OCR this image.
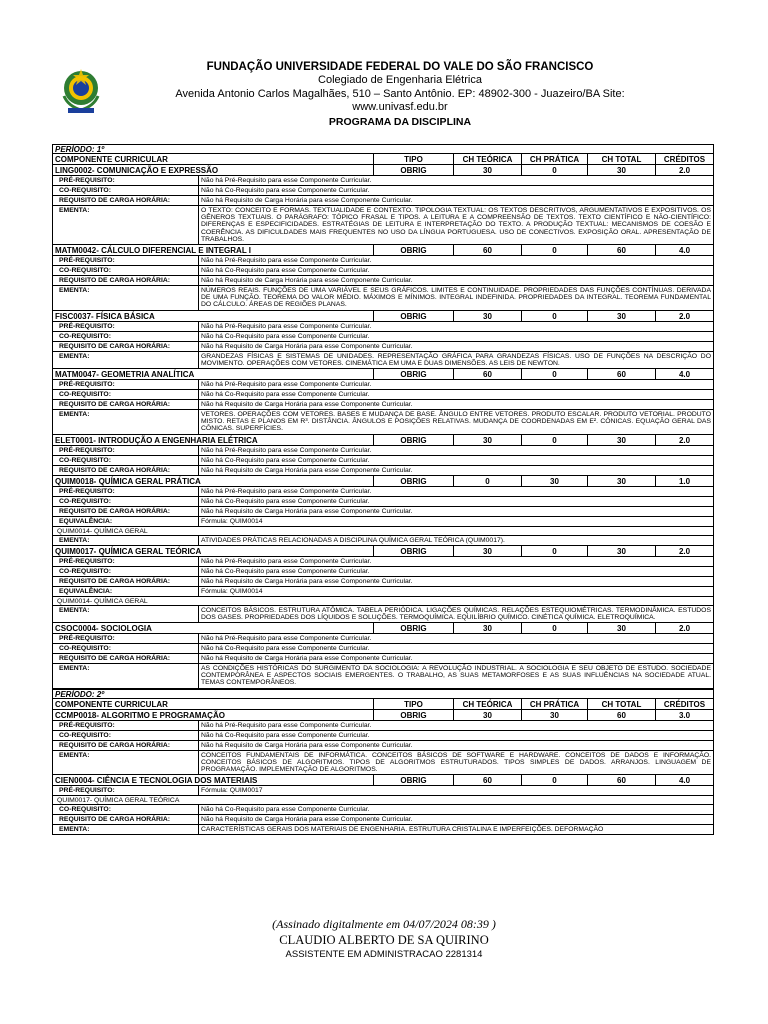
FUNDAÇÃO UNIVERSIDADE FEDERAL DO VALE DO SÃO FRANCISCO
Colegiado de Engenharia Elétrica
Avenida Antonio Carlos Magalhães, 510 – Santo Antônio. EP: 48902-300 - Juazeiro/BA Site:
www.univasf.edu.br
PROGRAMA DA DISCIPLINA
PERÍODO: 1º
COMPONENTE CURRICULAR	TIPO	CH TEÓRICA	CH PRÁTICA	CH TOTAL	CRÉDITOS
LING0002- COMUNICAÇÃO E EXPRESSÃO	OBRIG	30	0	30	2.0
PRÉ-REQUISITO:	Não há Pré-Requisito para esse Componente Curricular.
CO-REQUISITO:	Não há Co-Requisito para esse Componente Curricular.
REQUISITO DE CARGA HORÁRIA:	Não há Requisito de Carga Horária para esse Componente Curricular.
EMENTA:	O TEXTO: CONCEITO E FORMAS. TEXTUALIDADE E CONTEXTO. TIPOLOGIA TEXTUAL: OS TEXTOS DESCRITIVOS, ARGUMENTATIVOS E EXPOSITIVOS. OS GÊNEROS TEXTUAIS. O PARÁGRAFO: TÓPICO FRASAL E TIPOS. A LEITURA E A COMPREENSÃO DE TEXTOS. TEXTO CIENTÍFICO E NÃO-CIENTÍFICO: DIFERENÇAS E ESPECIFICIDADES. ESTRATÉGIAS DE LEITURA E INTERPRETAÇÃO DO TEXTO. A PRODUÇÃO TEXTUAL: MECANISMOS DE COESÃO E COERÊNCIA. AS DIFICULDADES MAIS FREQUENTES NO USO DA LÍNGUA PORTUGUESA. USO DE CONECTIVOS. EXPOSIÇÃO ORAL. APRESENTAÇÃO DE TRABALHOS.
MATM0042- CÁLCULO DIFERENCIAL E INTEGRAL I	OBRIG	60	0	60	4.0
PRÉ-REQUISITO:	Não há Pré-Requisito para esse Componente Curricular.
CO-REQUISITO:	Não há Co-Requisito para esse Componente Curricular.
REQUISITO DE CARGA HORÁRIA:	Não há Requisito de Carga Horária para esse Componente Curricular.
EMENTA:	NÚMEROS REAIS. FUNÇÕES DE UMA VARIÁVEL E SEUS GRÁFICOS. LIMITES E CONTINUIDADE. PROPRIEDADES DAS FUNÇÕES CONTÍNUAS. DERIVADA DE UMA FUNÇÃO. TEOREMA DO VALOR MÉDIO. MÁXIMOS E MÍNIMOS. INTEGRAL INDEFINIDA. PROPRIEDADES DA INTEGRAL. TEOREMA FUNDAMENTAL DO CÁLCULO. ÁREAS DE REGIÕES PLANAS.
FISC0037- FÍSICA BÁSICA	OBRIG	30	0	30	2.0
PRÉ-REQUISITO:	Não há Pré-Requisito para esse Componente Curricular.
CO-REQUISITO:	Não há Co-Requisito para esse Componente Curricular.
REQUISITO DE CARGA HORÁRIA:	Não há Requisito de Carga Horária para esse Componente Curricular.
EMENTA:	GRANDEZAS FÍSICAS E SISTEMAS DE UNIDADES. REPRESENTAÇÃO GRÁFICA PARA GRANDEZAS FÍSICAS. USO DE FUNÇÕES NA DESCRIÇÃO DO MOVIMENTO. OPERAÇÕES COM VETORES. CINEMÁTICA EM UMA E DUAS DIMENSÕES. AS LEIS DE NEWTON.
MATM0047- GEOMETRIA ANALÍTICA	OBRIG	60	0	60	4.0
PRÉ-REQUISITO:	Não há Pré-Requisito para esse Componente Curricular.
CO-REQUISITO:	Não há Co-Requisito para esse Componente Curricular.
REQUISITO DE CARGA HORÁRIA:	Não há Requisito de Carga Horária para esse Componente Curricular.
EMENTA:	VETORES. OPERAÇÕES COM VETORES. BASES E MUDANÇA DE BASE. ÂNGULO ENTRE VETORES. PRODUTO ESCALAR. PRODUTO VETORIAL. PRODUTO MISTO. RETAS E PLANOS EM R³. DISTÂNCIA. ÂNGULOS E POSIÇÕES RELATIVAS. MUDANÇA DE COORDENADAS EM E². CÔNICAS. EQUAÇÃO GERAL DAS CÔNICAS. SUPERFÍCIES.
ELET0001- INTRODUÇÃO A ENGENHARIA ELÉTRICA	OBRIG	30	0	30	2.0
PRÉ-REQUISITO:	Não há Pré-Requisito para esse Componente Curricular.
CO-REQUISITO:	Não há Co-Requisito para esse Componente Curricular.
REQUISITO DE CARGA HORÁRIA:	Não há Requisito de Carga Horária para esse Componente Curricular.
QUIM0018- QUÍMICA GERAL PRÁTICA	OBRIG	0	30	30	1.0
PRÉ-REQUISITO:	Não há Pré-Requisito para esse Componente Curricular.
CO-REQUISITO:	Não há Co-Requisito para esse Componente Curricular.
REQUISITO DE CARGA HORÁRIA:	Não há Requisito de Carga Horária para esse Componente Curricular.
EQUIVALÊNCIA:	Fórmula: QUIM0014
QUIM0014- QUÍMICA GERAL
EMENTA:	ATIVIDADES PRÁTICAS RELACIONADAS A DISCIPLINA QUÍMICA GERAL TEÓRICA (QUIM0017).
QUIM0017- QUÍMICA GERAL TEÓRICA	OBRIG	30	0	30	2.0
PRÉ-REQUISITO:	Não há Pré-Requisito para esse Componente Curricular.
CO-REQUISITO:	Não há Co-Requisito para esse Componente Curricular.
REQUISITO DE CARGA HORÁRIA:	Não há Requisito de Carga Horária para esse Componente Curricular.
EQUIVALÊNCIA:	Fórmula: QUIM0014
QUIM0014- QUÍMICA GERAL
EMENTA:	CONCEITOS BÁSICOS. ESTRUTURA ATÔMICA. TABELA PERIÓDICA. LIGAÇÕES QUÍMICAS. RELAÇÕES ESTEQUIOMÉTRICAS. TERMODINÂMICA. ESTUDOS DOS GASES. PROPRIEDADES DOS LÍQUIDOS E SOLUÇÕES. TERMOQUÍMICA. EQUILÍBRIO QUÍMICO. CINÉTICA QUÍMICA. ELETROQUÍMICA.
CSOC0004- SOCIOLOGIA	OBRIG	30	0	30	2.0
PRÉ-REQUISITO:	Não há Pré-Requisito para esse Componente Curricular.
CO-REQUISITO:	Não há Co-Requisito para esse Componente Curricular.
REQUISITO DE CARGA HORÁRIA:	Não há Requisito de Carga Horária para esse Componente Curricular.
EMENTA:	AS CONDIÇÕES HISTÓRICAS DO SURGIMENTO DA SOCIOLOGIA: A REVOLUÇÃO INDUSTRIAL. A SOCIOLOGIA E SEU OBJETO DE ESTUDO. SOCIEDADE CONTEMPORÂNEA E ASPECTOS SOCIAIS EMERGENTES. O TRABALHO, AS SUAS METAMORFOSES E AS SUAS INFLUÊNCIAS NA SOCIEDADE ATUAL. TEMAS CONTEMPORÂNEOS.
PERÍODO: 2º
COMPONENTE CURRICULAR	TIPO	CH TEÓRICA	CH PRÁTICA	CH TOTAL	CRÉDITOS
CCMP0018- ALGORITMO E PROGRAMAÇÃO	OBRIG	30	30	60	3.0
PRÉ-REQUISITO:	Não há Pré-Requisito para esse Componente Curricular.
CO-REQUISITO:	Não há Co-Requisito para esse Componente Curricular.
REQUISITO DE CARGA HORÁRIA:	Não há Requisito de Carga Horária para esse Componente Curricular.
EMENTA:	CONCEITOS FUNDAMENTAIS DE INFORMÁTICA. CONCEITOS BÁSICOS DE SOFTWARE E HARDWARE. CONCEITOS DE DADOS E INFORMAÇÃO. CONCEITOS BÁSICOS DE ALGORITMOS. TIPOS DE ALGORITMOS ESTRUTURADOS. TIPOS SIMPLES DE DADOS. ARRANJOS. LINGUAGEM DE PROGRAMAÇÃO. IMPLEMENTAÇÃO DE ALGORITMOS.
CIEN0004- CIÊNCIA E TECNOLOGIA DOS MATERIAIS	OBRIG	60	0	60	4.0
PRÉ-REQUISITO:	Fórmula: QUIM0017
QUIM0017- QUÍMICA GERAL TEÓRICA
CO-REQUISITO:	Não há Co-Requisito para esse Componente Curricular.
REQUISITO DE CARGA HORÁRIA:	Não há Requisito de Carga Horária para esse Componente Curricular.
EMENTA:	CARACTERÍSTICAS GERAIS DOS MATERIAIS DE ENGENHARIA. ESTRUTURA CRISTALINA E IMPERFEIÇÕES. DEFORMAÇÃO
(Assinado digitalmente em 04/07/2024 08:39 )
CLAUDIO ALBERTO DE SA QUIRINO
ASSISTENTE EM ADMINISTRACAO 2281314
